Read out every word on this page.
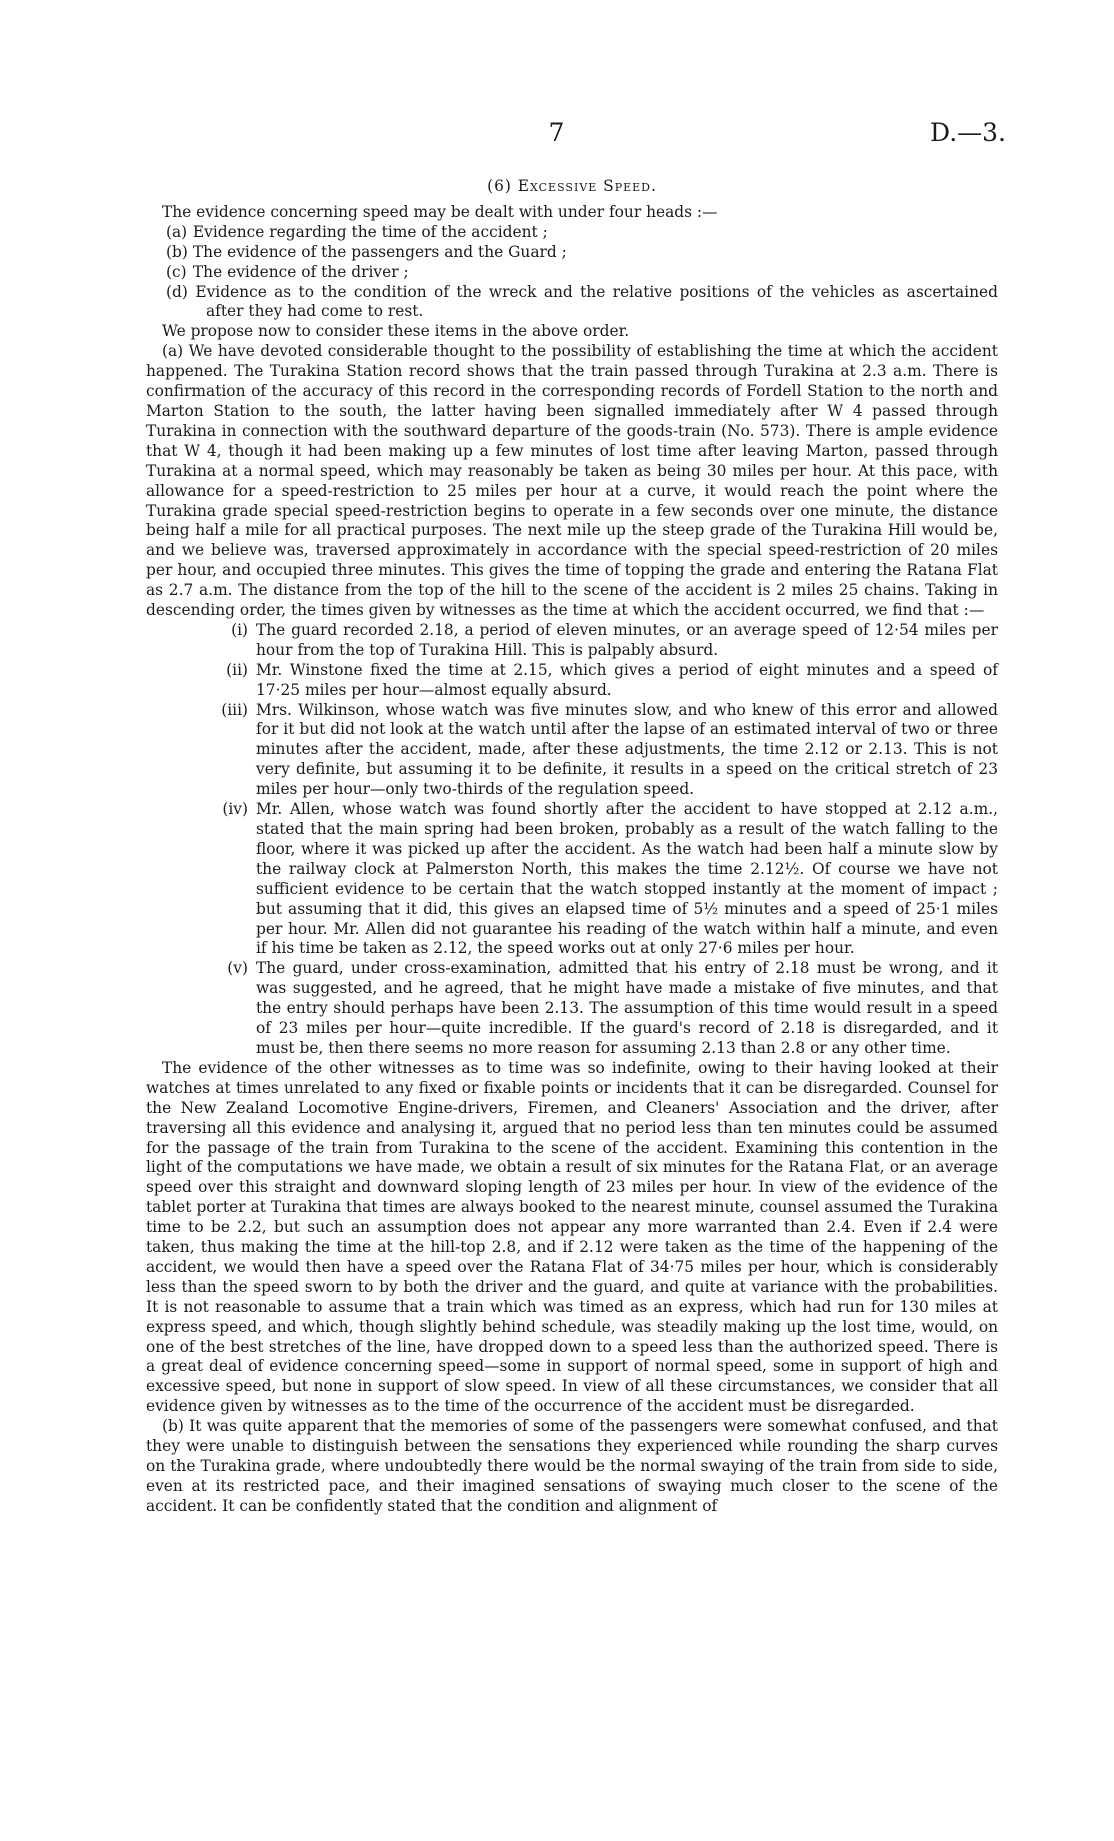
7	D.—3.
(6) Excessive Speed.

The evidence concerning speed may be dealt with under four heads :—

(a) Evidence regarding the time of the accident ;
(b) The evidence of the passengers and the Guard ;
(c) The evidence of the driver ;
(d) Evidence as to the condition of the wreck and the relative positions of the vehicles as ascertained after they had come to rest.

We propose now to consider these items in the above order.

(a) We have devoted considerable thought to the possibility of establishing the time at which the accident happened. The Turakina Station record shows that the train passed through Turakina at 2.3 a.m. There is confirmation of the accuracy of this record in the corresponding records of Fordell Station to the north and Marton Station to the south, the latter having been signalled immediately after W 4 passed through Turakina in connection with the southward departure of the goods-train (No. 573). There is ample evidence that W 4, though it had been making up a few minutes of lost time after leaving Marton, passed through Turakina at a normal speed, which may reasonably be taken as being 30 miles per hour. At this pace, with allowance for a speed-restriction to 25 miles per hour at a curve, it would reach the point where the Turakina grade special speed-restriction begins to operate in a few seconds over one minute, the distance being half a mile for all practical purposes. The next mile up the steep grade of the Turakina Hill would be, and we believe was, traversed approximately in accordance with the special speed-restriction of 20 miles per hour, and occupied three minutes. This gives the time of topping the grade and entering the Ratana Flat as 2.7 a.m. The distance from the top of the hill to the scene of the accident is 2 miles 25 chains. Taking in descending order, the times given by witnesses as the time at which the accident occurred, we find that :—

(i) The guard recorded 2.18, a period of eleven minutes, or an average speed of 12·54 miles per hour from the top of Turakina Hill. This is palpably absurd.
(ii) Mr. Winstone fixed the time at 2.15, which gives a period of eight minutes and a speed of 17·25 miles per hour—almost equally absurd.
(iii) Mrs. Wilkinson, whose watch was five minutes slow, and who knew of this error and allowed for it but did not look at the watch until after the lapse of an estimated interval of two or three minutes after the accident, made, after these adjustments, the time 2.12 or 2.13. This is not very definite, but assuming it to be definite, it results in a speed on the critical stretch of 23 miles per hour—only two-thirds of the regulation speed.
(iv) Mr. Allen, whose watch was found shortly after the accident to have stopped at 2.12 a.m., stated that the main spring had been broken, probably as a result of the watch falling to the floor, where it was picked up after the accident. As the watch had been half a minute slow by the railway clock at Palmerston North, this makes the time 2.12½. Of course we have not sufficient evidence to be certain that the watch stopped instantly at the moment of impact ; but assuming that it did, this gives an elapsed time of 5½ minutes and a speed of 25·1 miles per hour. Mr. Allen did not guarantee his reading of the watch within half a minute, and even if his time be taken as 2.12, the speed works out at only 27·6 miles per hour.
(v) The guard, under cross-examination, admitted that his entry of 2.18 must be wrong, and it was suggested, and he agreed, that he might have made a mistake of five minutes, and that the entry should perhaps have been 2.13. The assumption of this time would result in a speed of 23 miles per hour—quite incredible. If the guard's record of 2.18 is disregarded, and it must be, then there seems no more reason for assuming 2.13 than 2.8 or any other time.

The evidence of the other witnesses as to time was so indefinite, owing to their having looked at their watches at times unrelated to any fixed or fixable points or incidents that it can be disregarded. Counsel for the New Zealand Locomotive Engine-drivers, Firemen, and Cleaners' Association and the driver, after traversing all this evidence and analysing it, argued that no period less than ten minutes could be assumed for the passage of the train from Turakina to the scene of the accident. Examining this contention in the light of the computations we have made, we obtain a result of six minutes for the Ratana Flat, or an average speed over this straight and downward sloping length of 23 miles per hour. In view of the evidence of the tablet porter at Turakina that times are always booked to the nearest minute, counsel assumed the Turakina time to be 2.2, but such an assumption does not appear any more warranted than 2.4. Even if 2.4 were taken, thus making the time at the hill-top 2.8, and if 2.12 were taken as the time of the happening of the accident, we would then have a speed over the Ratana Flat of 34·75 miles per hour, which is considerably less than the speed sworn to by both the driver and the guard, and quite at variance with the probabilities. It is not reasonable to assume that a train which was timed as an express, which had run for 130 miles at express speed, and which, though slightly behind schedule, was steadily making up the lost time, would, on one of the best stretches of the line, have dropped down to a speed less than the authorized speed. There is a great deal of evidence concerning speed—some in support of normal speed, some in support of high and excessive speed, but none in support of slow speed. In view of all these circumstances, we consider that all evidence given by witnesses as to the time of the occurrence of the accident must be disregarded.

(b) It was quite apparent that the memories of some of the passengers were somewhat confused, and that they were unable to distinguish between the sensations they experienced while rounding the sharp curves on the Turakina grade, where undoubtedly there would be the normal swaying of the train from side to side, even at its restricted pace, and their imagined sensations of swaying much closer to the scene of the accident. It can be confidently stated that the condition and alignment of
